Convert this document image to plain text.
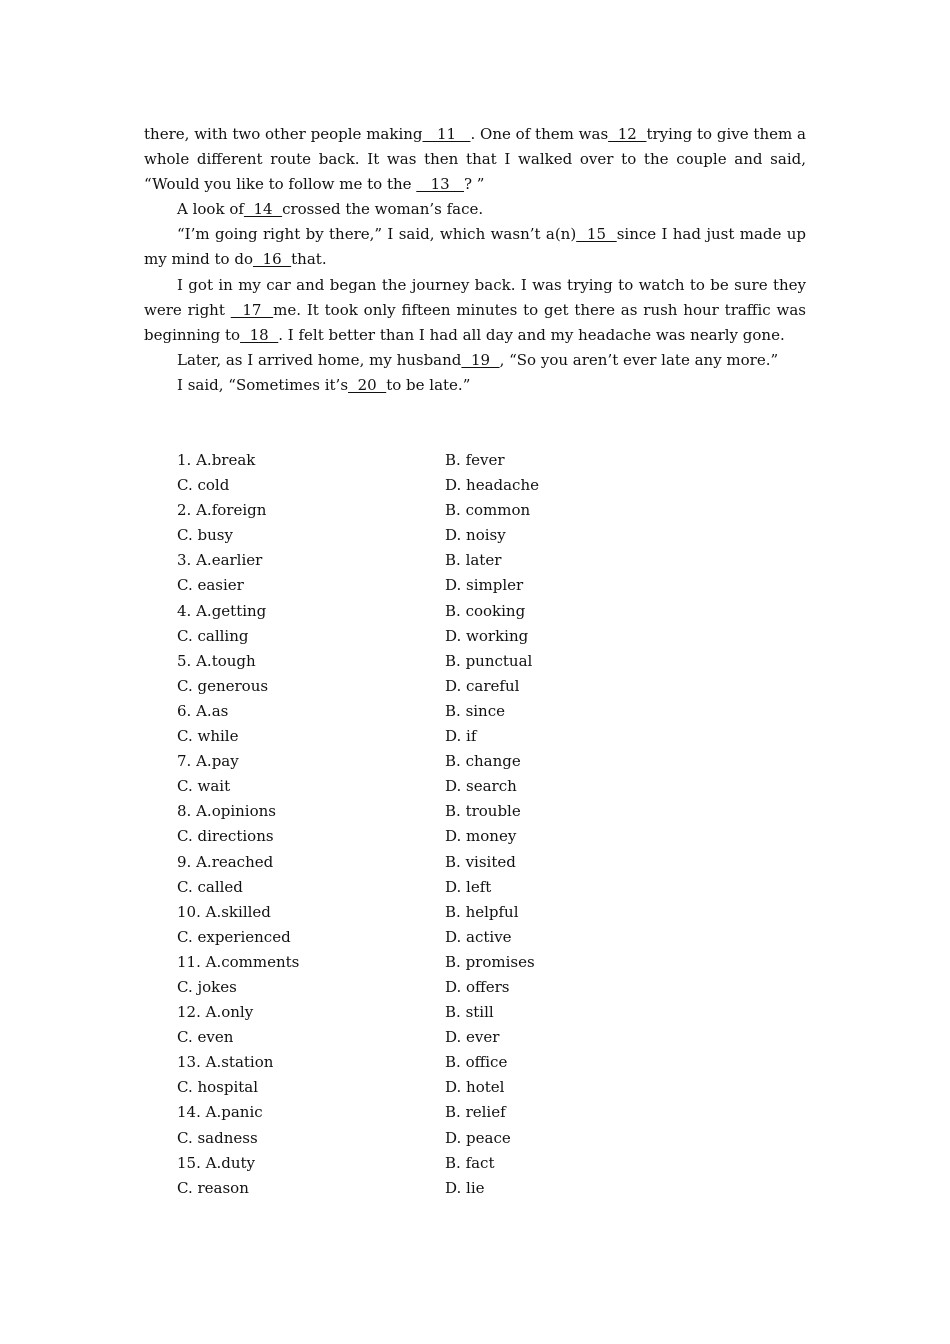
there, with two other people making   11   . One of them was  12  trying to give them a whole different route back. It was then that I walked over to the couple and said, “Would you like to follow me to the    13   ? ”

A look of  14  crossed the woman’s face.

“I’m going right by there,” I said, which wasn’t a(n)  15  since I had just made up my mind to do  16  that.

I got in my car and began the journey back. I was trying to watch to be sure they were right   17  me. It took only fifteen minutes to get there as rush hour traffic was beginning to  18  . I felt better than I had all day and my headache was nearly gone.

Later, as I arrived home, my husband  19  , “So you aren’t ever late any more.”

I said, “Sometimes it’s  20  to be late.”

1. A.break	B. fever
C. cold	D. headache
2. A.foreign	B. common
C. busy	D. noisy
3. A.earlier	B. later
C. easier	D. simpler
4. A.getting	B. cooking
C. calling	D. working
5. A.tough	B. punctual
C. generous	D. careful
6. A.as	B. since
C. while	D. if
7. A.pay	B. change
C. wait	D. search
8. A.opinions	B. trouble
C. directions	D. money
9. A.reached	B. visited
C. called	D. left
10. A.skilled	B. helpful
C. experienced	D. active
11. A.comments	B. promises
C. jokes	D. offers
12. A.only	B. still
C. even	D. ever
13. A.station	B. office
C. hospital	D. hotel
14. A.panic	B. relief
C. sadness	D. peace
15. A.duty	B. fact
C. reason	D. lie
